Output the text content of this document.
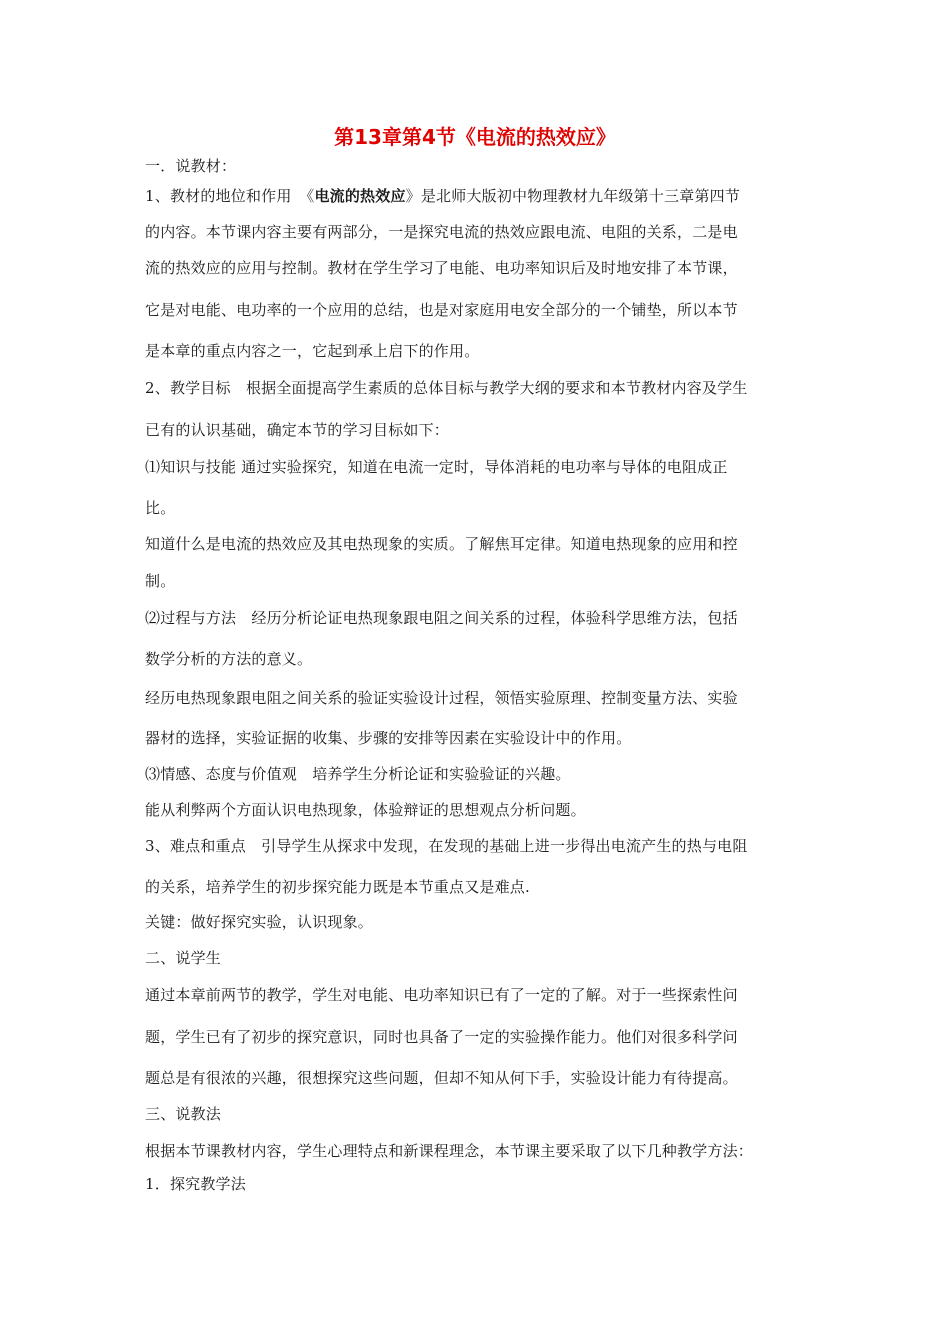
第13章第4节《电流的热效应》
一．说教材：
1、教材的地位和作用　《电流的热效应》是北师大版初中物理教材九年级第十三章第四节
的内容。本节课内容主要有两部分，一是探究电流的热效应跟电流、电阻的关系，二是电
流的热效应的应用与控制。教材在学生学习了电能、电功率知识后及时地安排了本节课，
它是对电能、电功率的一个应用的总结，也是对家庭用电安全部分的一个铺垫，所以本节
是本章的重点内容之一，它起到承上启下的作用。
2、教学目标　根据全面提高学生素质的总体目标与教学大纲的要求和本节教材内容及学生
已有的认识基础，确定本节的学习目标如下：
⑴知识与技能 通过实验探究，知道在电流一定时，导体消耗的电功率与导体的电阻成正
比。
知道什么是电流的热效应及其电热现象的实质。了解焦耳定律。知道电热现象的应用和控
制。
⑵过程与方法　经历分析论证电热现象跟电阻之间关系的过程，体验科学思维方法，包括
数学分析的方法的意义。
经历电热现象跟电阻之间关系的验证实验设计过程，领悟实验原理、控制变量方法、实验
器材的选择，实验证据的收集、步骤的安排等因素在实验设计中的作用。
⑶情感、态度与价值观　培养学生分析论证和实验验证的兴趣。
能从利弊两个方面认识电热现象，体验辩证的思想观点分析问题。
3、难点和重点　引导学生从探求中发现，在发现的基础上进一步得出电流产生的热与电阻
的关系，培养学生的初步探究能力既是本节重点又是难点.
关键：做好探究实验，认识现象。
二、说学生
通过本章前两节的教学，学生对电能、电功率知识已有了一定的了解。对于一些探索性问
题，学生已有了初步的探究意识，同时也具备了一定的实验操作能力。他们对很多科学问
题总是有很浓的兴趣，很想探究这些问题，但却不知从何下手，实验设计能力有待提高。
三、说教法
根据本节课教材内容，学生心理特点和新课程理念，本节课主要采取了以下几种教学方法：
1．探究教学法
